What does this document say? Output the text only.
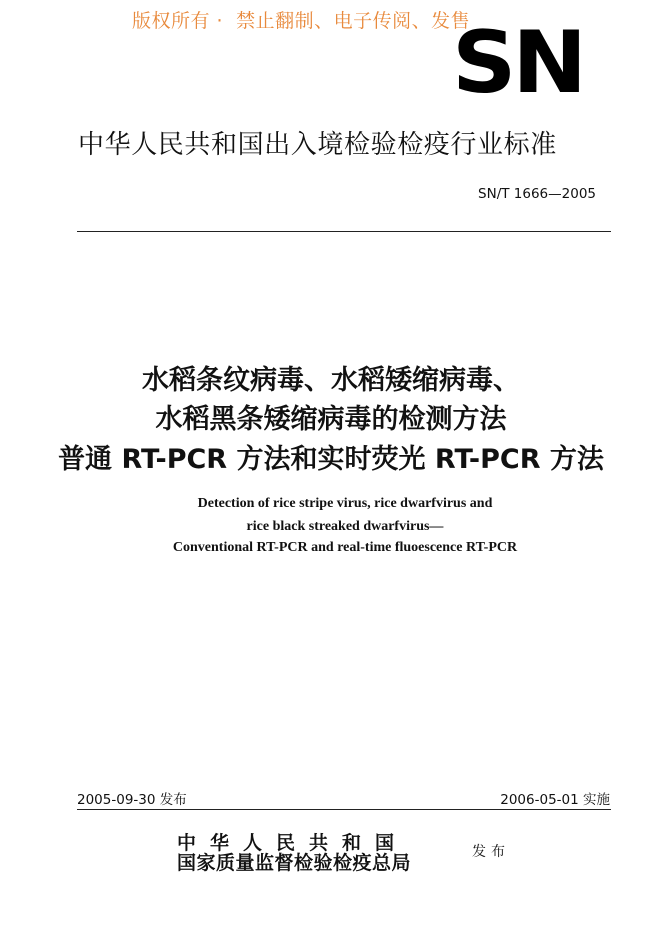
版权所有 ·  禁止翻制、电子传阅、发售
SN
中华人民共和国出入境检验检疫行业标准
SN/T 1666—2005
水稻条纹病毒、水稻矮缩病毒、
水稻黑条矮缩病毒的检测方法
普通 RT-PCR 方法和实时荧光 RT-PCR 方法
Detection of rice stripe virus, rice dwarfvirus and
rice black streaked dwarfvirus—
Conventional RT-PCR and real-time fluoescence RT-PCR
2005-09-30 发布	2006-05-01 实施
中华人民共和国
国家质量监督检验检疫总局	发布
